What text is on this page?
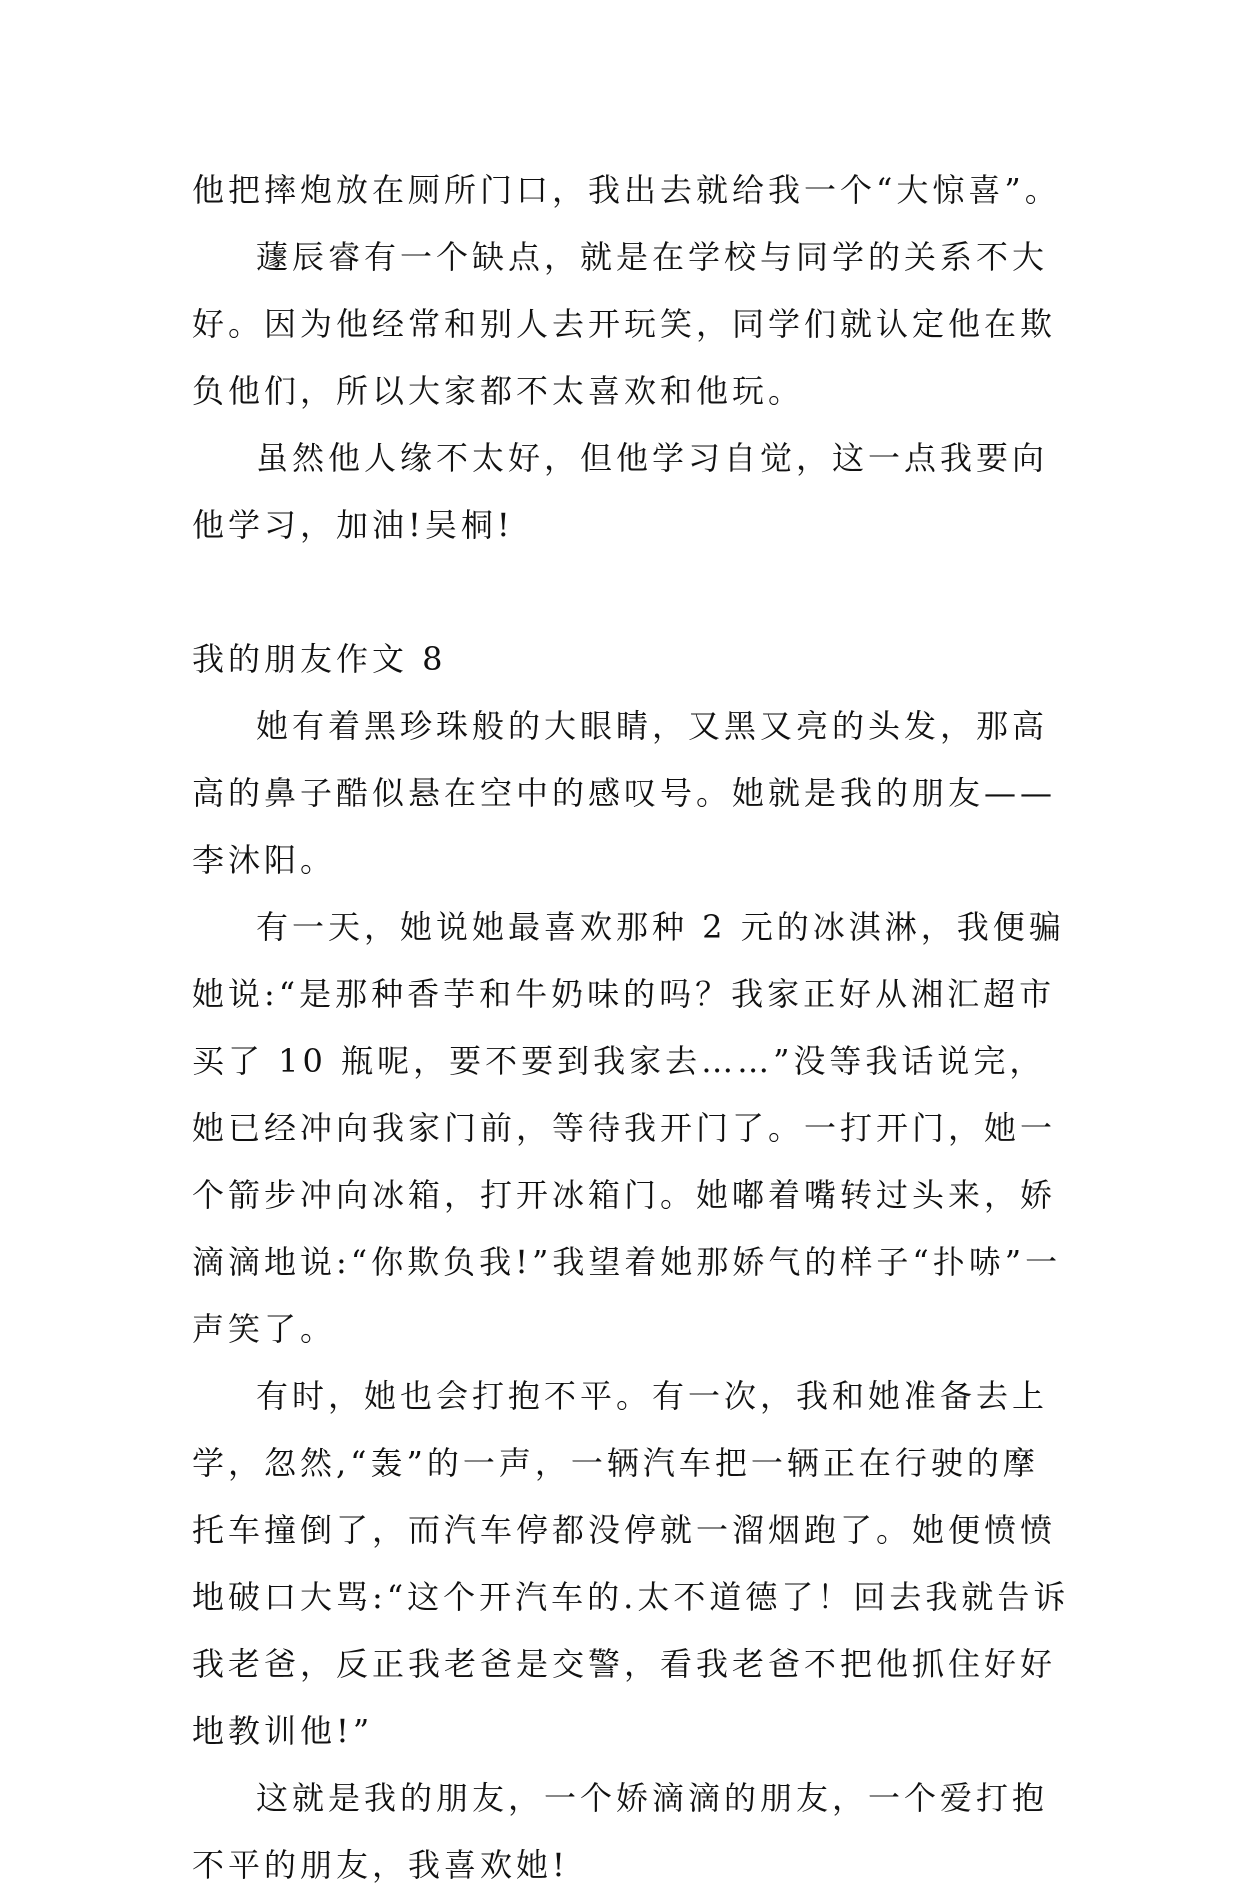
他把摔炮放在厕所门口，我出去就给我一个“大惊喜”。

蘧辰睿有一个缺点，就是在学校与同学的关系不大好。因为他经常和别人去开玩笑，同学们就认定他在欺负他们，所以大家都不太喜欢和他玩。

虽然他人缘不太好，但他学习自觉，这一点我要向他学习，加油!吴桐!

我的朋友作文 8

她有着黑珍珠般的大眼睛，又黑又亮的头发，那高高的鼻子酷似悬在空中的感叹号。她就是我的朋友——李沐阳。

有一天，她说她最喜欢那种 2 元的冰淇淋，我便骗她说:“是那种香芋和牛奶味的吗？我家正好从湘汇超市买了 10 瓶呢，要不要到我家去……”没等我话说完，她已经冲向我家门前，等待我开门了。一打开门，她一个箭步冲向冰箱，打开冰箱门。她嘟着嘴转过头来，娇滴滴地说:“你欺负我!”我望着她那娇气的样子“扑哧”一声笑了。

有时，她也会打抱不平。有一次，我和她准备去上学，忽然,“轰”的一声，一辆汽车把一辆正在行驶的摩托车撞倒了，而汽车停都没停就一溜烟跑了。她便愤愤地破口大骂:“这个开汽车的.太不道德了！回去我就告诉我老爸，反正我老爸是交警，看我老爸不把他抓住好好地教训他!”

这就是我的朋友，一个娇滴滴的朋友，一个爱打抱不平的朋友，我喜欢她!
